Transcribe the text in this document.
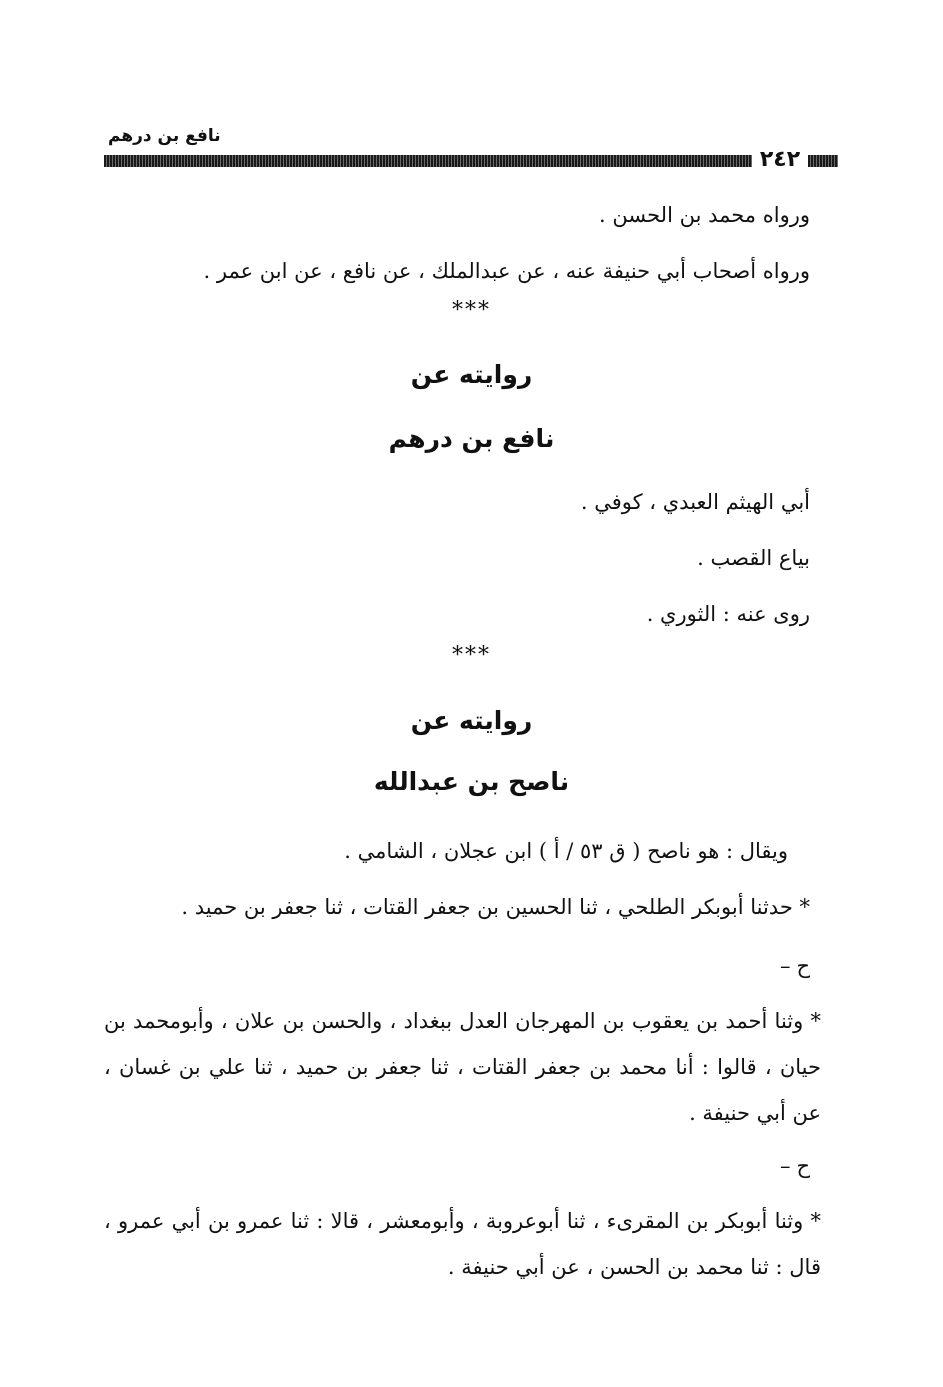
نافع بن درهم
٢٤٢
ورواه محمد بن الحسن .
ورواه أصحاب أبي حنيفة عنه ، عن عبدالملك ، عن نافع ، عن ابن عمر .
***
روايته عن
نافع بن درهم
أبي الهيثم العبدي ، كوفي .
بياع القصب .
روى عنه : الثوري .
***
روايته عن
ناصح بن عبدالله
ويقال : هو ناصح ( ق ٥٣ / أ ) ابن عجلان ، الشامي .
* حدثنا أبوبكر الطلحي ، ثنا الحسين بن جعفر القتات ، ثنا جعفر بن حميد .
ح–
* وثنا أحمد بن يعقوب بن المهرجان العدل ببغداد ، والحسن بن علان ، وأبومحمد بن حيان ، قالوا : أنا محمد بن جعفر القتات ، ثنا جعفر بن حميد ، ثنا علي بن غسان ، عن أبي حنيفة .
ح–
* وثنا أبوبكر بن المقرىء ، ثنا أبوعروبة ، وأبومعشر ، قالا : ثنا عمرو بن أبي عمرو ، قال : ثنا محمد بن الحسن ، عن أبي حنيفة .
